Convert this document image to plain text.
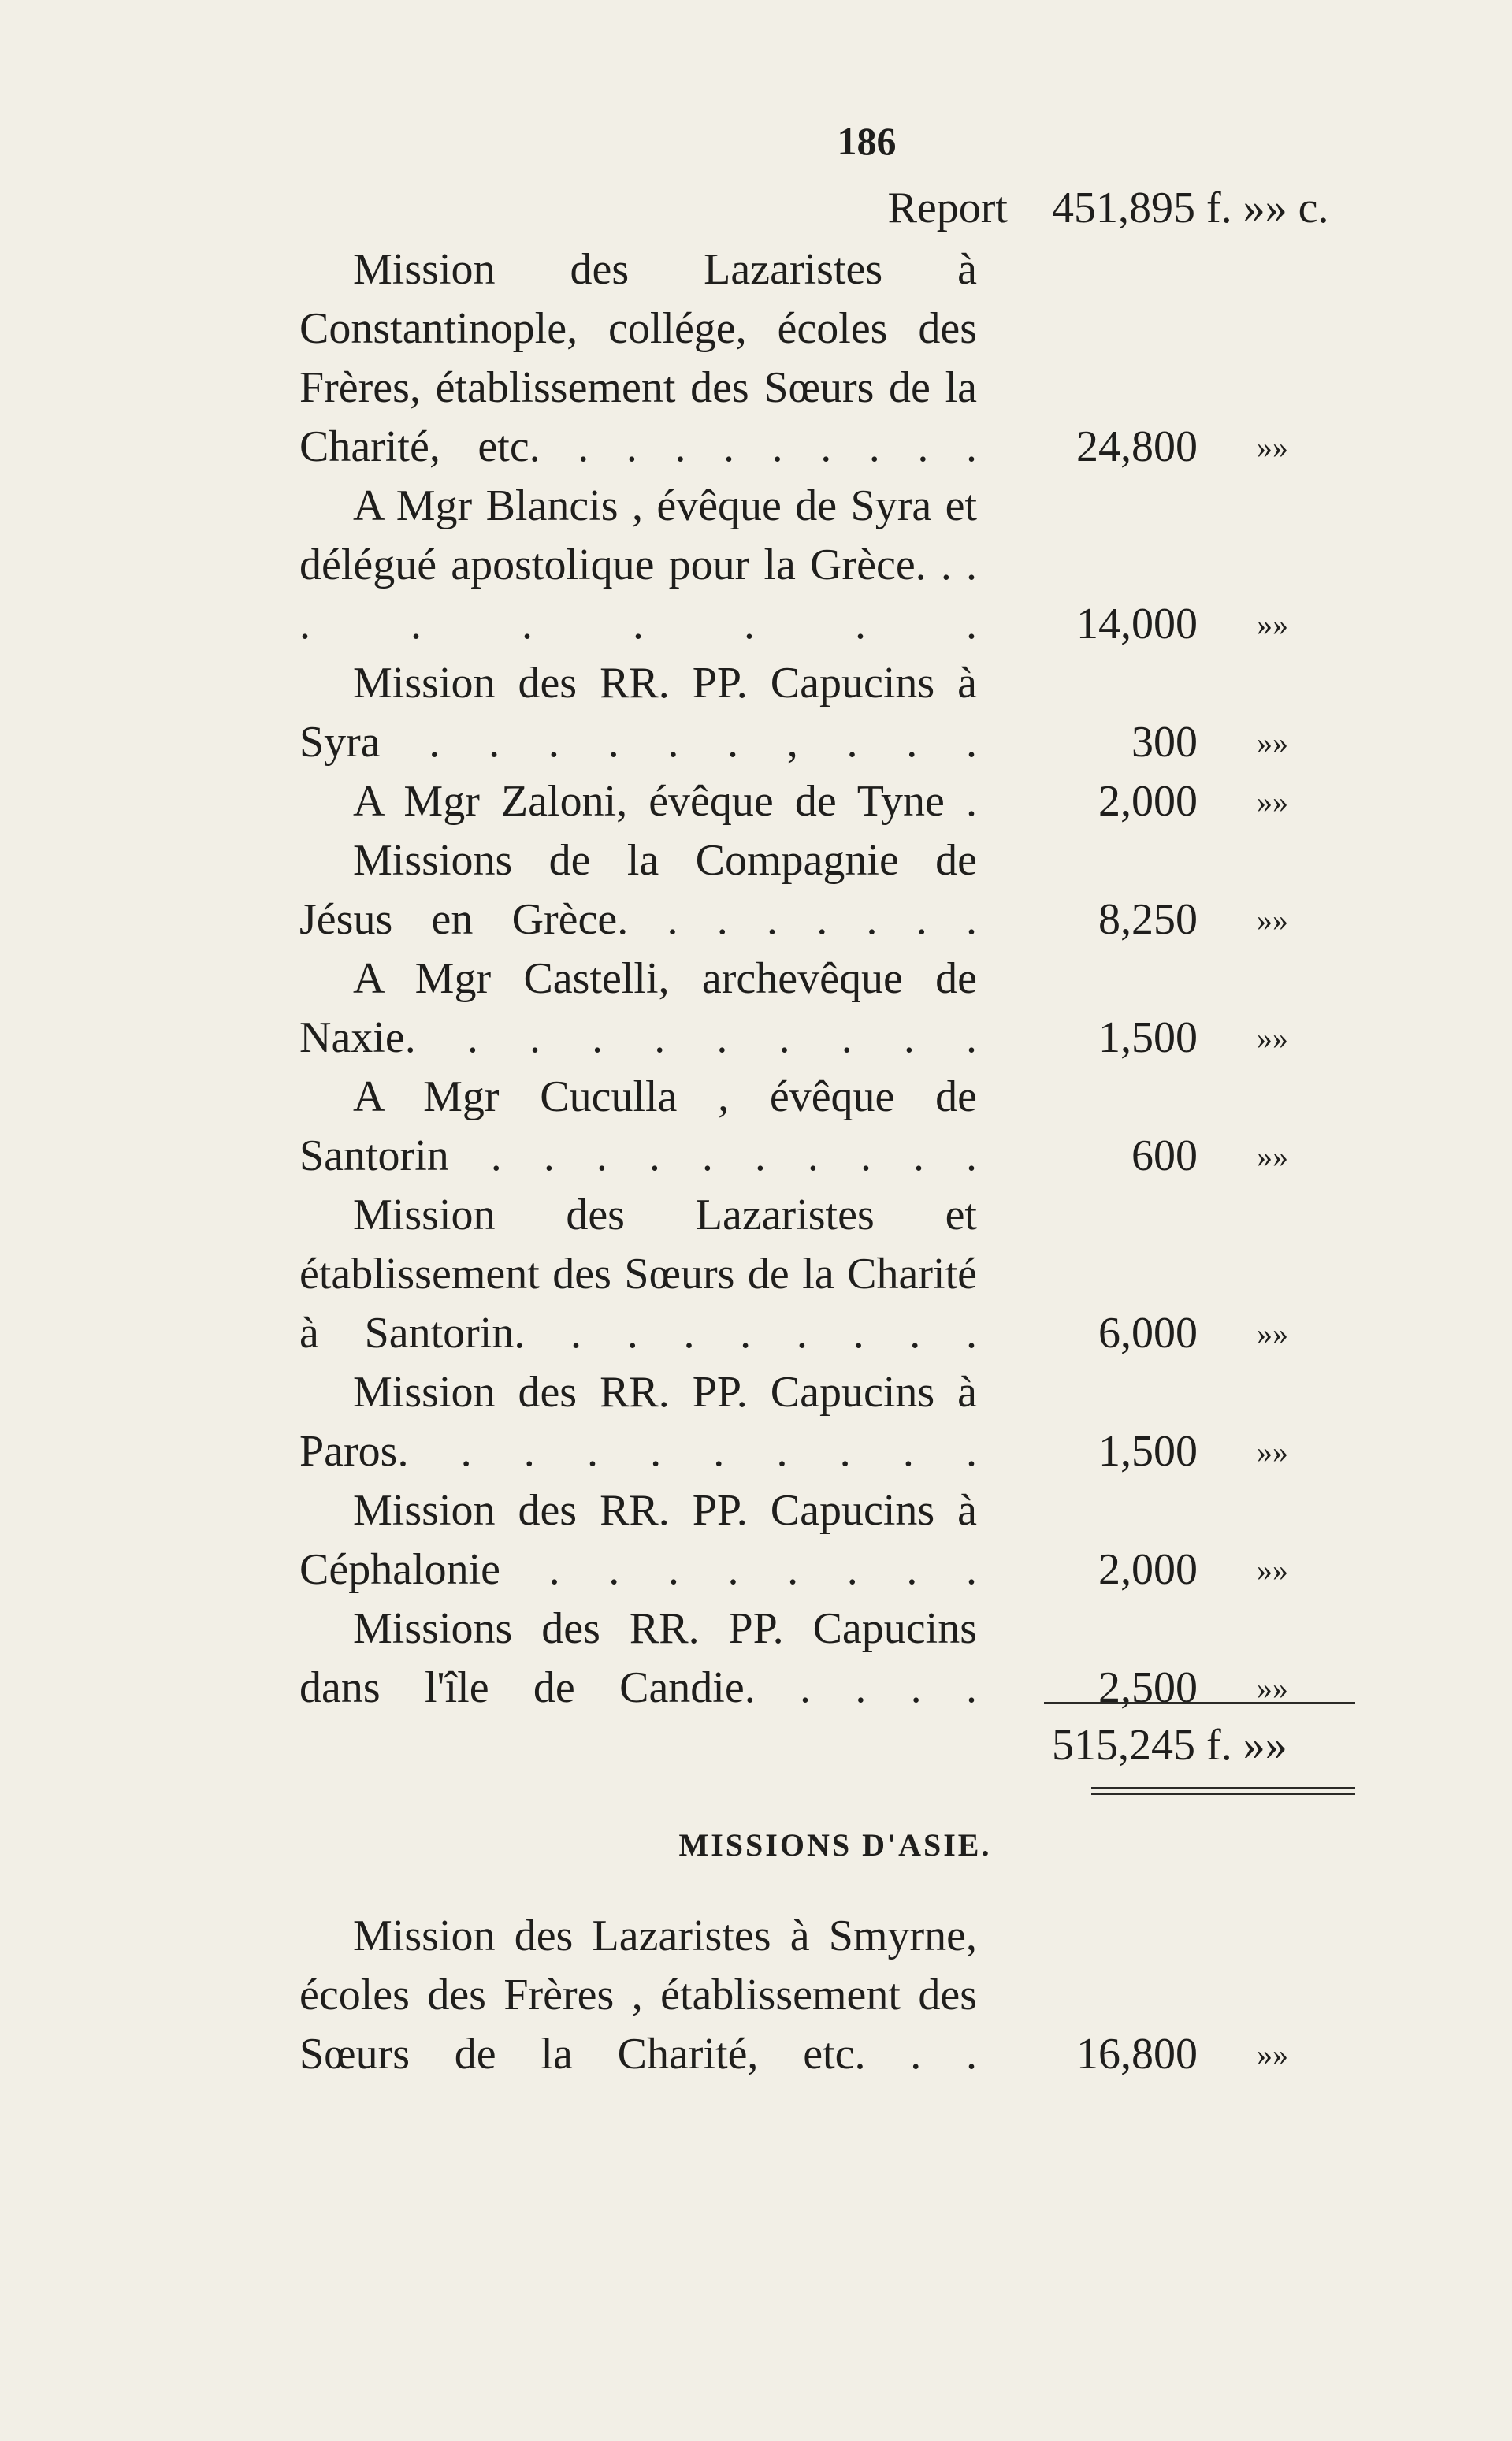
186
Report 451,895 f. »» c.
Mission des Lazaristes à Constantinople, collége, écoles des Frères, établissement des Sœurs de la Charité, etc. . . . . . . . . . 24,800 »»
A Mgr Blancis , évêque de Syra et délégué apostolique pour la Grèce. . . . . . . . . . 14,000 »»
Mission des RR. PP. Capucins à Syra . . . . . . , . . .	300 »»
A Mgr Zaloni, évêque de Tyne .	2,000 »»
Missions de la Compagnie de Jésus en Grèce. . . . . . . .	8,250 »»
A Mgr Castelli, archevêque de Naxie. . . . . . . . . .	1,500 »»
A Mgr Cuculla , évêque de Santorin . . . . . . . . . .	600 »»
Mission des Lazaristes et établissement des Sœurs de la Charité à Santorin. . . . . . . . .	6,000 »»
Mission des RR. PP. Capucins à Paros. . . . . . . . . .	1,500 »»
Mission des RR. PP. Capucins à Céphalonie . . . . . . . .	2,000 »»
Missions des RR. PP. Capucins dans l'île de Candie. . . . .	2,500 »»
515,245 f. »»
MISSIONS D'ASIE.
Mission des Lazaristes à Smyrne, écoles des Frères , établissement des Sœurs de la Charité, etc. . . 16,800 »»
